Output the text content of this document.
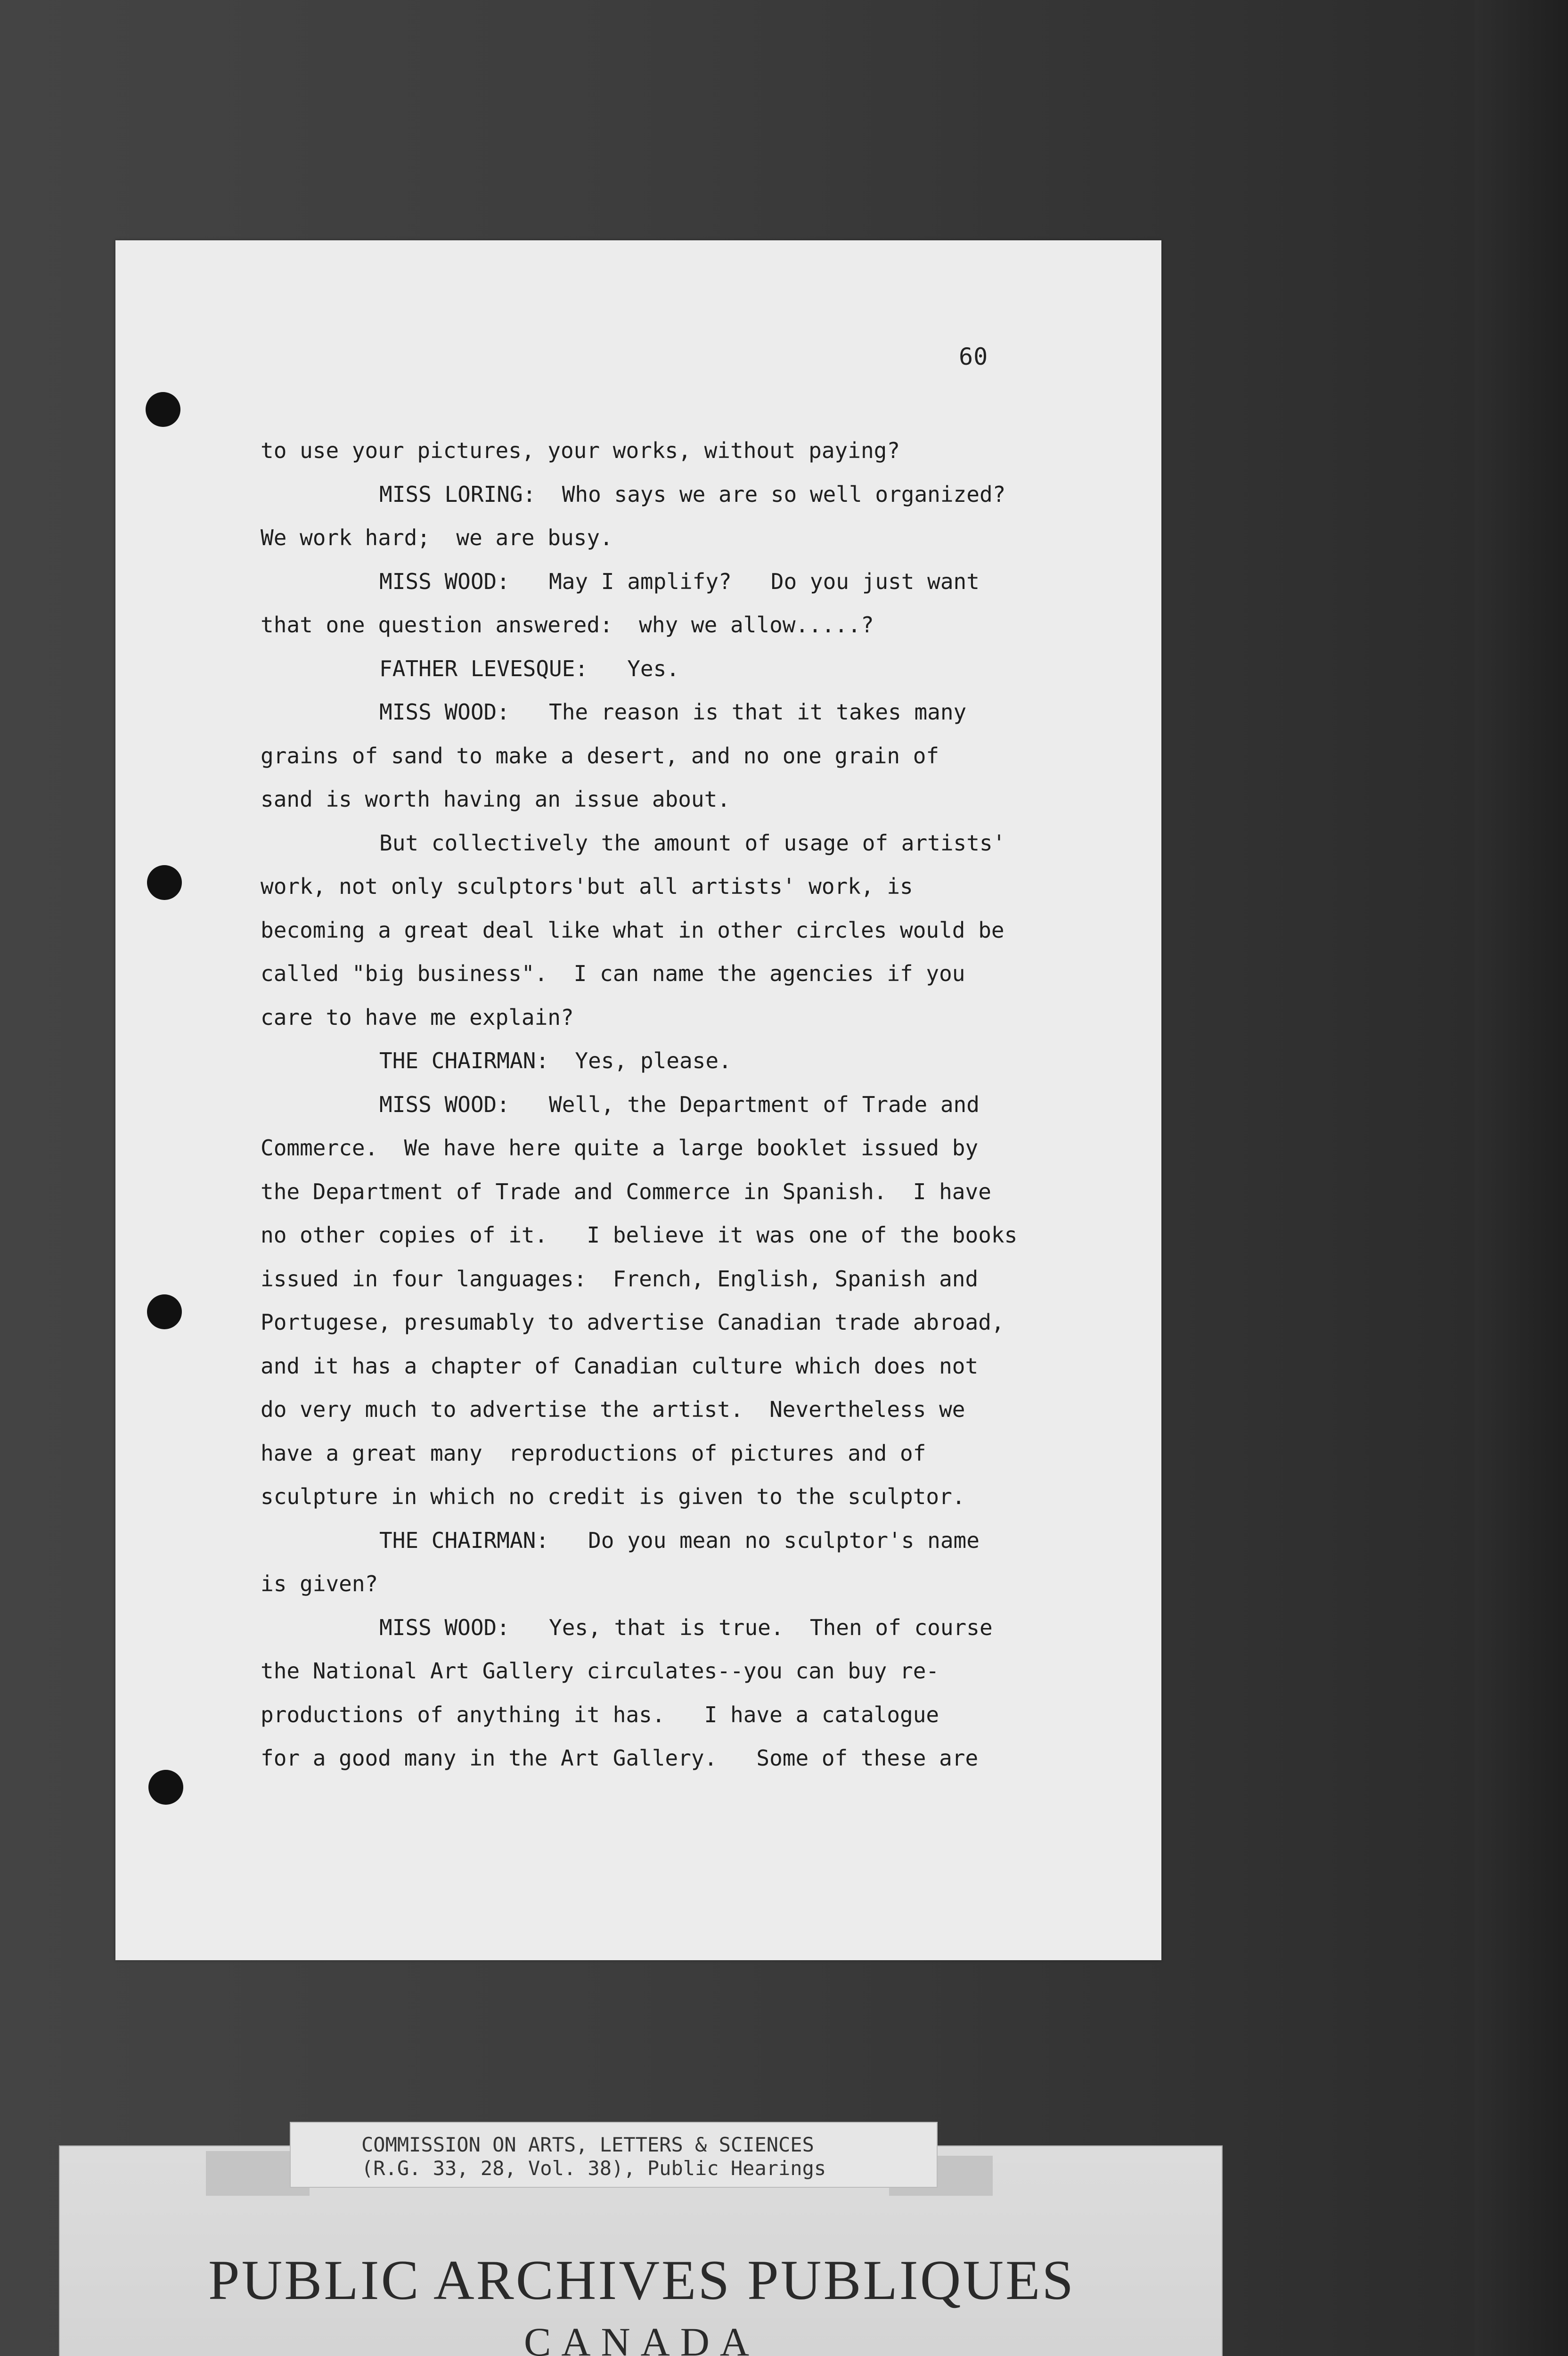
60
to use your pictures, your works, without paying?
MISS LORING:  Who says we are so well organized?
We work hard;  we are busy.
MISS WOOD:   May I amplify?   Do you just want
that one question answered:  why we allow.....?
FATHER LEVESQUE:   Yes.
MISS WOOD:   The reason is that it takes many
grains of sand to make a desert, and no one grain of
sand is worth having an issue about.
But collectively the amount of usage of artists'
work, not only sculptors'but all artists' work, is
becoming a great deal like what in other circles would be
called "big business".  I can name the agencies if you
care to have me explain?
THE CHAIRMAN:  Yes, please.
MISS WOOD:   Well, the Department of Trade and
Commerce.  We have here quite a large booklet issued by
the Department of Trade and Commerce in Spanish.  I have
no other copies of it.   I believe it was one of the books
issued in four languages:  French, English, Spanish and
Portugese, presumably to advertise Canadian trade abroad,
and it has a chapter of Canadian culture which does not
do very much to advertise the artist.  Nevertheless we
have a great many  reproductions of pictures and of
sculpture in which no credit is given to the sculptor.
THE CHAIRMAN:   Do you mean no sculptor's name
is given?
MISS WOOD:   Yes, that is true.  Then of course
the National Art Gallery circulates--you can buy re-
productions of anything it has.   I have a catalogue
for a good many in the Art Gallery.   Some of these are
PUBLIC ARCHIVES PUBLIQUES
CANADA
COMMISSION ON ARTS, LETTERS & SCIENCES
(R.G. 33, 28, Vol. 38), Public Hearings
